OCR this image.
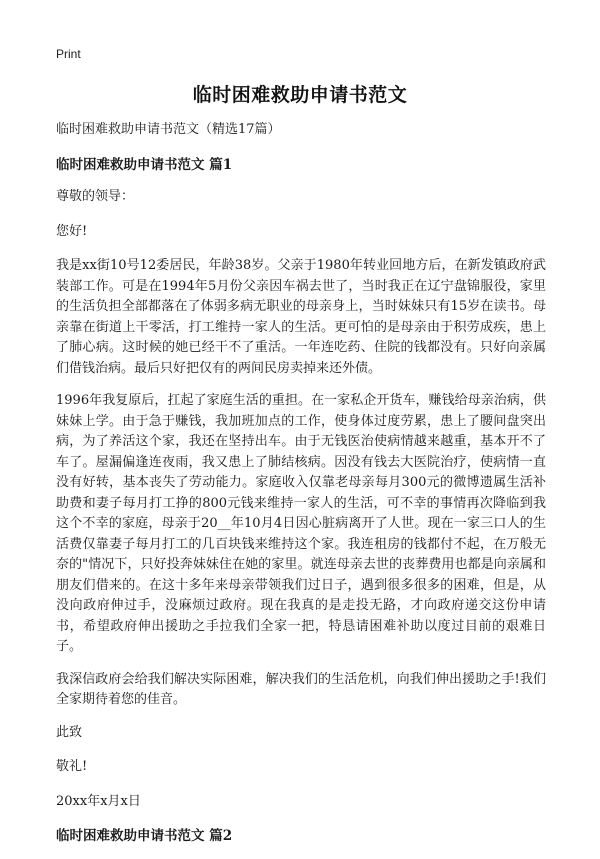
Print
临时困难救助申请书范文

临时困难救助申请书范文（精选17篇）

临时困难救助申请书范文 篇1

尊敬的领导：

您好!

我是xx街10号12委居民，年龄38岁。父亲于1980年转业回地方后，在新发镇政府武装部工作。可是在1994年5月份父亲因车祸去世了，当时我正在辽宁盘锦服役，家里的生活负担全部都落在了体弱多病无职业的母亲身上，当时妹妹只有15岁在读书。母亲靠在街道上干零活，打工维持一家人的生活。更可怕的是母亲由于积劳成疾，患上了肺心病。这时候的她已经干不了重活。一年连吃药、住院的钱都没有。只好向亲属们借钱治病。最后只好把仅有的两间民房卖掉来还外债。

1996年我复原后，扛起了家庭生活的重担。在一家私企开货车，赚钱给母亲治病，供妹妹上学。由于急于赚钱，我加班加点的工作，使身体过度劳累，患上了腰间盘突出病，为了养活这个家，我还在坚持出车。由于无钱医治使病情越来越重，基本开不了车了。屋漏偏逢连夜雨，我又患上了肺结核病。因没有钱去大医院治疗，使病情一直没有好转，基本丧失了劳动能力。家庭收入仅靠老母亲每月300元的微博遗属生活补助费和妻子每月打工挣的800元钱来维持一家人的生活，可不幸的事情再次降临到我这个不幸的家庭，母亲于20__年10月4日因心脏病离开了人世。现在一家三口人的生活费仅靠妻子每月打工的几百块钱来维持这个家。我连租房的钱都付不起，在万般无奈的"情况下，只好投奔妹妹住在她的家里。就连母亲去世的丧葬费用也都是向亲属和朋友们借来的。在这十多年来母亲带领我们过日子，遇到很多很多的困难，但是，从没向政府伸过手，没麻烦过政府。现在我真的是走投无路，才向政府递交这份申请书，希望政府伸出援助之手拉我们全家一把，特恳请困难补助以度过目前的艰难日子。

我深信政府会给我们解决实际困难，解决我们的生活危机，向我们伸出援助之手!我们全家期待着您的佳音。

此致

敬礼!

20xx年x月x日

临时困难救助申请书范文 篇2
